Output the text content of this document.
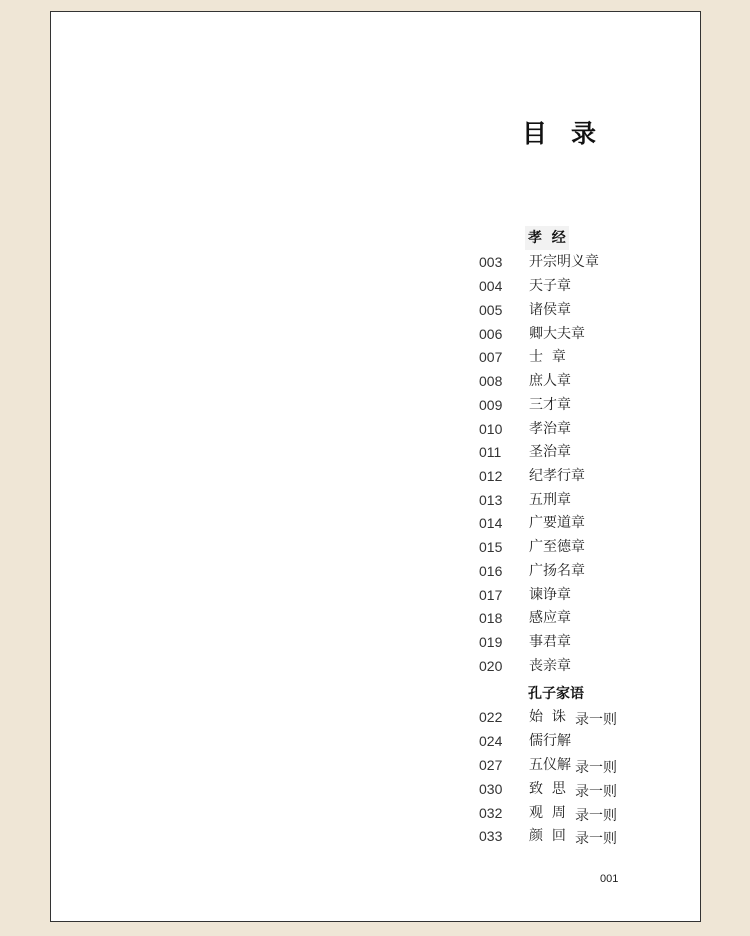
目 录
孝  经
003 开宗明义章
004 天子章
005 诸侯章
006 卿大夫章
007 士  章
008 庶人章
009 三才章
010 孝治章
011 圣治章
012 纪孝行章
013 五刑章
014 广要道章
015 广至德章
016 广扬名章
017 谏诤章
018 感应章
019 事君章
020 丧亲章
孔子家语
022 始  诛 录一则
024 儒行解
027 五仪解 录一则
030 致  思 录一则
032 观  周 录一则
033 颜  回 录一则
001
